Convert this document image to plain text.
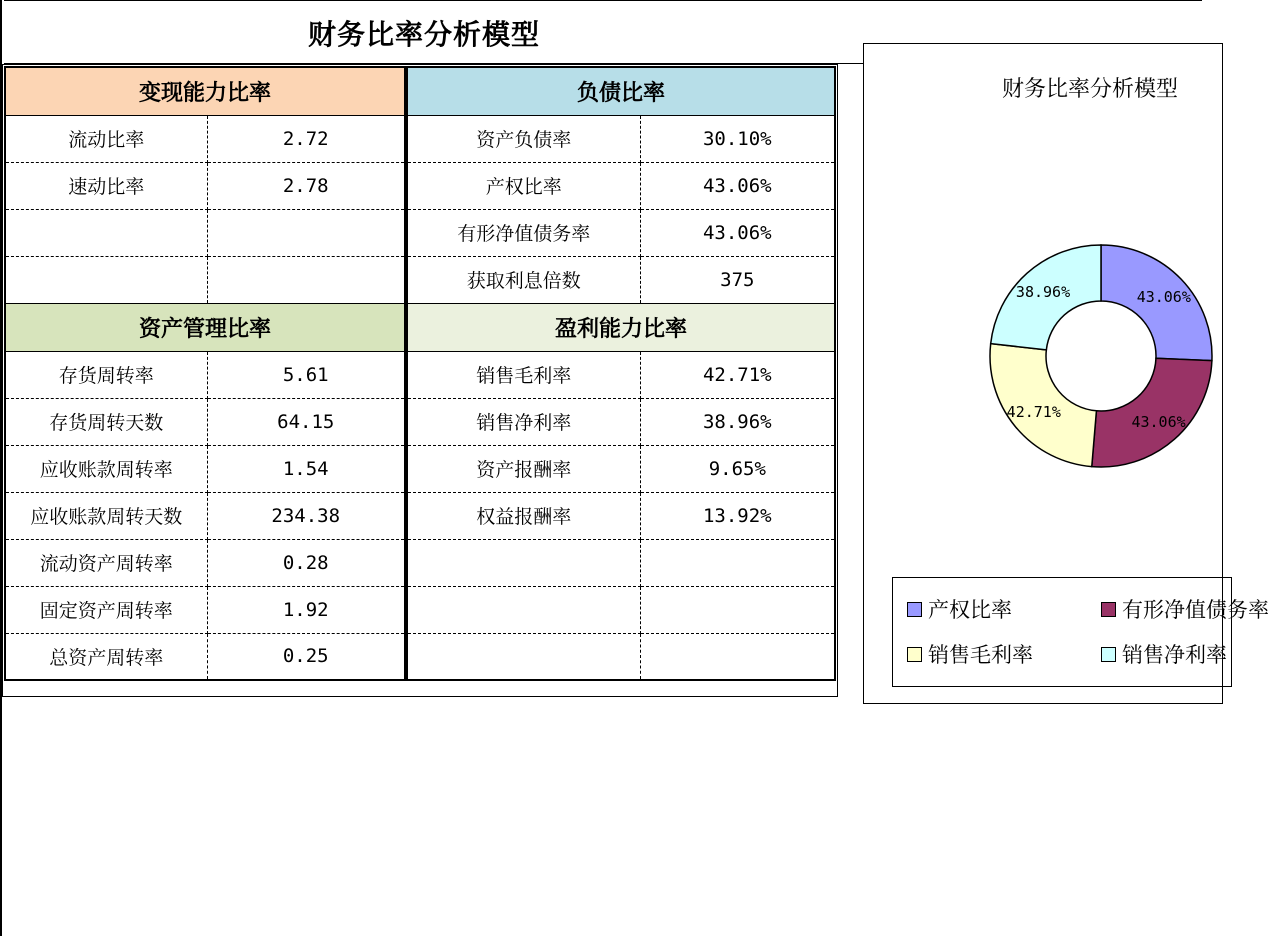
财务比率分析模型
变现能力比率	
流动比率	2.72
速动比率	2.78

资产管理比率	
存货周转率	5.61
存货周转天数	64.15
应收账款周转率	1.54
应收账款周转天数	234.38
流动资产周转率	0.28
固定资产周转率	1.92
总资产周转率	0.25
负债比率	
资产负债率	30.10%
产权比率	43.06%
有形净值债务率	43.06%
获取利息倍数	375
盈利能力比率	
销售毛利率	42.71%
销售净利率	38.96%
资产报酬率	9.65%
权益报酬率	13.92%

财务比率分析模型
43.06%
43.06%
42.71%
38.96%
产权比率	有形净值债务率
销售毛利率	销售净利率
